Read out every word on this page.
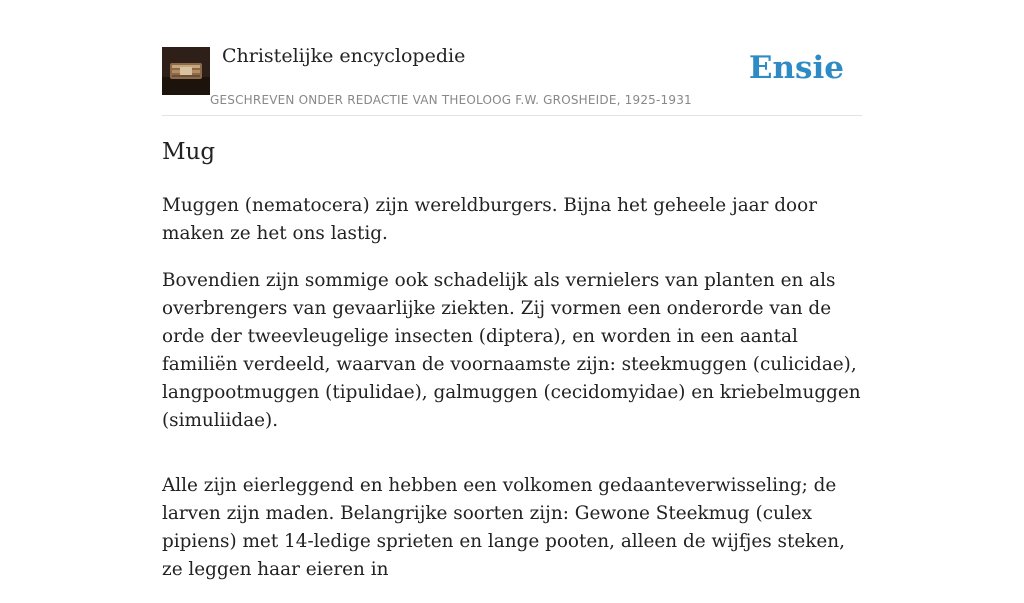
Christelijke encyclopedie
GESCHREVEN ONDER REDACTIE VAN THEOLOOG F.W. GROSHEIDE, 1925-1931
Ensie
Mug

Muggen (nematocera) zijn wereldburgers. Bijna het geheele jaar door maken ze het ons lastig.

Bovendien zijn sommige ook schadelijk als vernielers van planten en als overbrengers van gevaarlijke ziekten. Zij vormen een onderorde van de orde der tweevleugelige insecten (diptera), en worden in een aantal familiën verdeeld, waarvan de voornaamste zijn: steekmuggen (culicidae), langpootmuggen (tipulidae), galmuggen (cecidomyidae) en kriebelmuggen (simuliidae).

Alle zijn eierleggend en hebben een volkomen gedaanteverwisseling; de larven zijn maden. Belangrijke soorten zijn: Gewone Steekmug (culex pipiens) met 14-ledige sprieten en lange pooten, alleen de wijfjes steken, ze leggen haar eieren in
